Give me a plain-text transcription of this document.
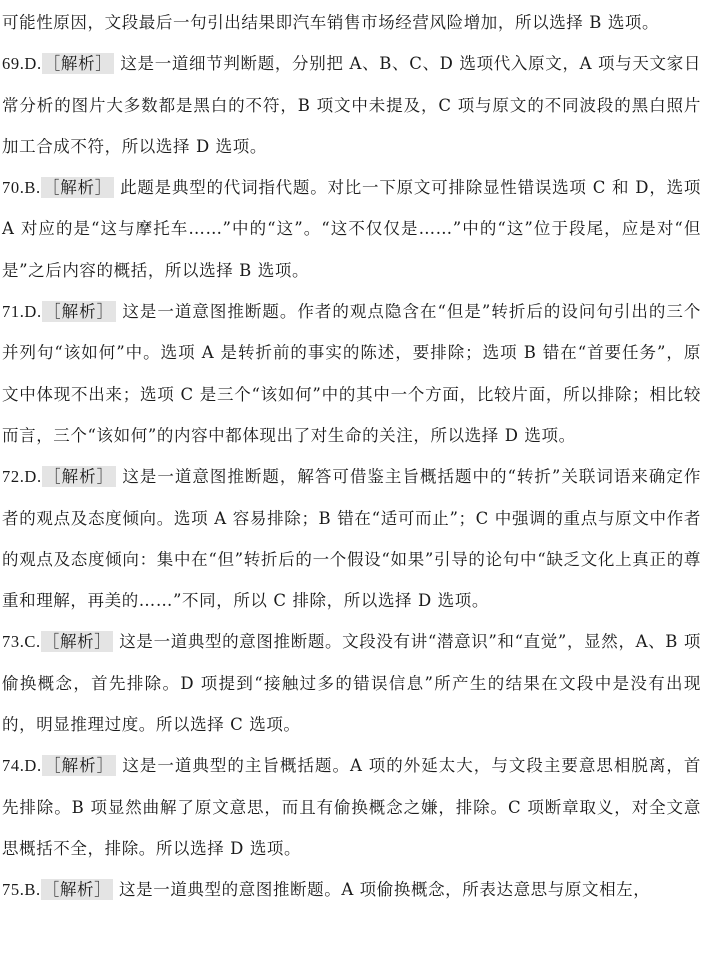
可能性原因，文段最后一句引出结果即汽车销售市场经营风险增加，所以选择 B 选项。

69.D. ［解析］ 这是一道细节判断题，分别把 A、B、C、D 选项代入原文，A 项与天文家日常分析的图片大多数都是黑白的不符，B 项文中未提及，C 项与原文的不同波段的黑白照片加工合成不符，所以选择 D 选项。

70.B. ［解析］ 此题是典型的代词指代题。对比一下原文可排除显性错误选项 C 和 D，选项 A 对应的是“这与摩托车……”中的“这”。“这不仅仅是……”中的“这”位于段尾，应是对“但是”之后内容的概括，所以选择 B 选项。

71.D. ［解析］ 这是一道意图推断题。作者的观点隐含在“但是”转折后的设问句引出的三个并列句“该如何”中。选项 A 是转折前的事实的陈述，要排除；选项 B 错在“首要任务”，原文中体现不出来；选项 C 是三个“该如何”中的其中一个方面，比较片面，所以排除；相比较而言，三个“该如何”的内容中都体现出了对生命的关注，所以选择 D 选项。

72.D. ［解析］ 这是一道意图推断题，解答可借鉴主旨概括题中的“转折”关联词语来确定作者的观点及态度倾向。选项 A 容易排除；B 错在“适可而止”；C 中强调的重点与原文中作者的观点及态度倾向：集中在“但”转折后的一个假设“如果”引导的论句中“缺乏文化上真正的尊重和理解，再美的……”不同，所以 C 排除，所以选择 D 选项。

73.C. ［解析］ 这是一道典型的意图推断题。文段没有讲“潜意识”和“直觉”，显然，A、B 项偷换概念，首先排除。D 项提到“接触过多的错误信息”所产生的结果在文段中是没有出现的，明显推理过度。所以选择 C 选项。

74.D. ［解析］ 这是一道典型的主旨概括题。A 项的外延太大，与文段主要意思相脱离，首先排除。B 项显然曲解了原文意思，而且有偷换概念之嫌，排除。C 项断章取义，对全文意思概括不全，排除。所以选择 D 选项。

75.B. ［解析］ 这是一道典型的意图推断题。A 项偷换概念，所表达意思与原文相左，
